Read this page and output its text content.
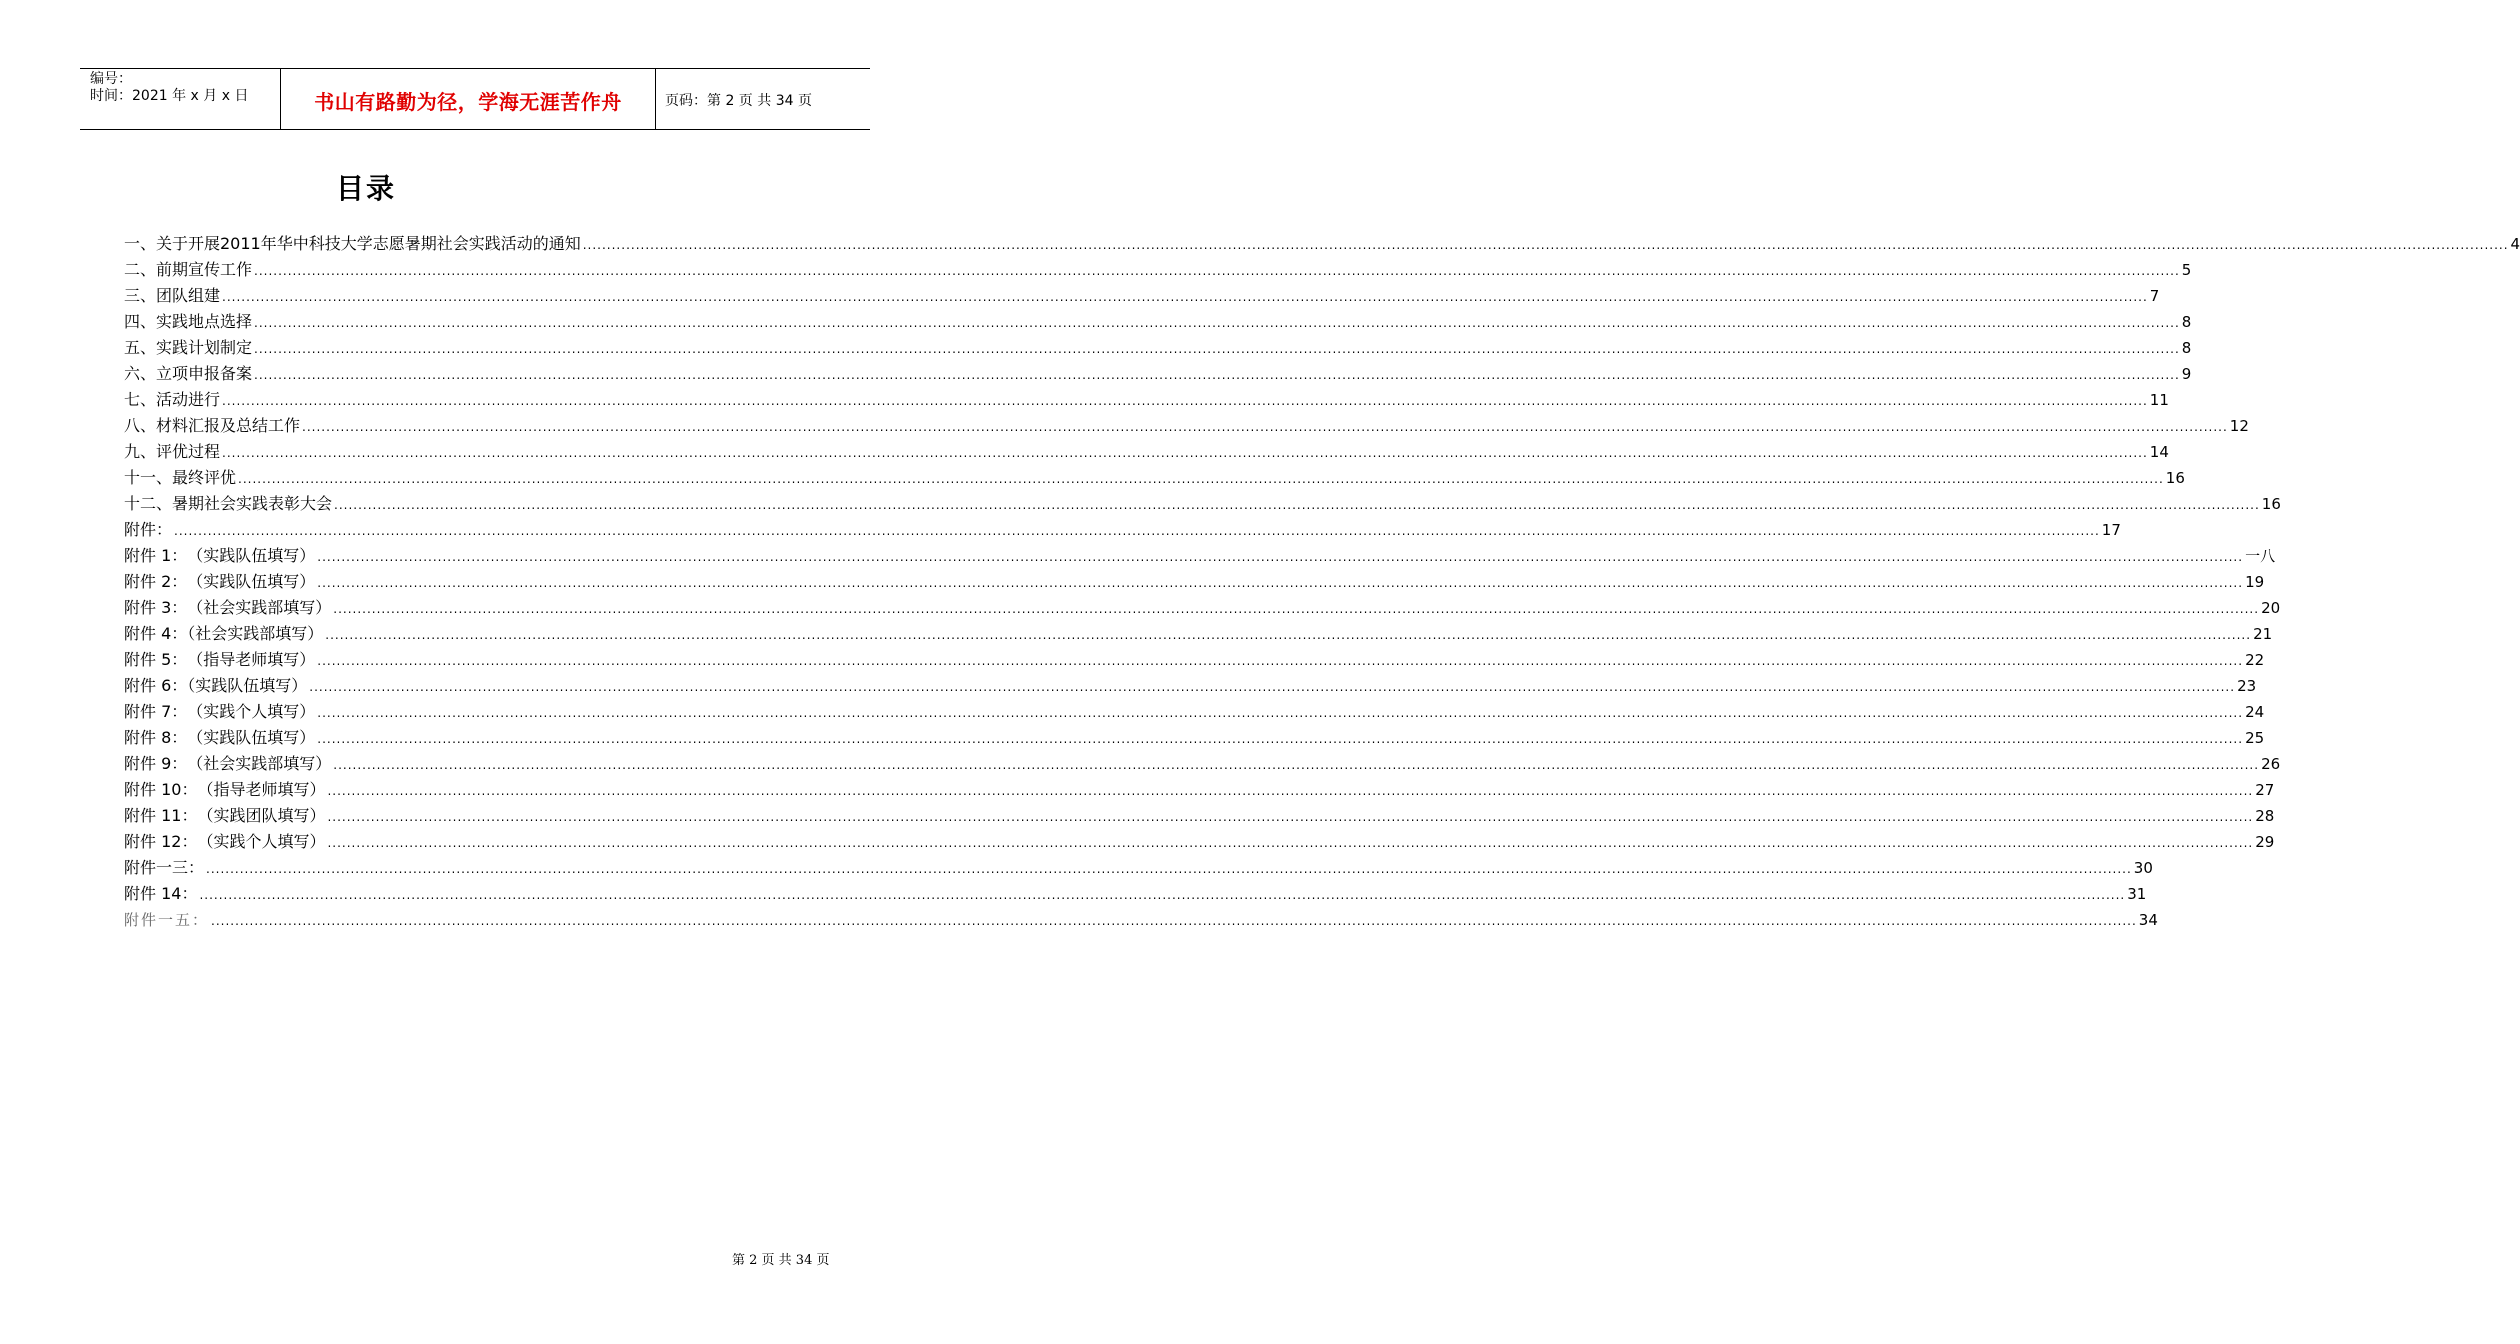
编号：
时间：2021 年 x 月 x 日	书山有路勤为径，学海无涯苦作舟	页码：第 2 页 共 34 页
目录
一、关于开展2011年华中科技大学志愿暑期社会实践活动的通知 ................................................................................................................................................................................................................................................................................................................................................................................................................ 4
二、前期宣传工作 ................................................................................................................................................................................................................................................................................................................................................................................................................ 5
三、团队组建 ................................................................................................................................................................................................................................................................................................................................................................................................................ 7
四、实践地点选择 ................................................................................................................................................................................................................................................................................................................................................................................................................ 8
五、实践计划制定 ................................................................................................................................................................................................................................................................................................................................................................................................................ 8
六、立项申报备案 ................................................................................................................................................................................................................................................................................................................................................................................................................ 9
七、活动进行 ................................................................................................................................................................................................................................................................................................................................................................................................................ 11
八、材料汇报及总结工作 ................................................................................................................................................................................................................................................................................................................................................................................................................ 12
九、评优过程 ................................................................................................................................................................................................................................................................................................................................................................................................................ 14
十一、最终评优 ................................................................................................................................................................................................................................................................................................................................................................................................................ 16
十二、暑期社会实践表彰大会 ................................................................................................................................................................................................................................................................................................................................................................................................................ 16
附件： ................................................................................................................................................................................................................................................................................................................................................................................................................ 17
附件 1：　（实践队伍填写） ................................................................................................................................................................................................................................................................................................................................................................................................................ 一八
附件 2：　（实践队伍填写） ................................................................................................................................................................................................................................................................................................................................................................................................................ 19
附件 3：　（社会实践部填写） ................................................................................................................................................................................................................................................................................................................................................................................................................ 20
附件 4：（社会实践部填写） ................................................................................................................................................................................................................................................................................................................................................................................................................ 21
附件 5：　（指导老师填写） ................................................................................................................................................................................................................................................................................................................................................................................................................ 22
附件 6：（实践队伍填写） ................................................................................................................................................................................................................................................................................................................................................................................................................ 23
附件 7：　（实践个人填写） ................................................................................................................................................................................................................................................................................................................................................................................................................ 24
附件 8：　（实践队伍填写） ................................................................................................................................................................................................................................................................................................................................................................................................................ 25
附件 9：　（社会实践部填写） ................................................................................................................................................................................................................................................................................................................................................................................................................ 26
附件 10：　（指导老师填写） ................................................................................................................................................................................................................................................................................................................................................................................................................ 27
附件 11：　（实践团队填写） ................................................................................................................................................................................................................................................................................................................................................................................................................ 28
附件 12：　（实践个人填写） ................................................................................................................................................................................................................................................................................................................................................................................................................ 29
附件一三： ................................................................................................................................................................................................................................................................................................................................................................................................................ 30
附件 14： ................................................................................................................................................................................................................................................................................................................................................................................................................ 31
附件一五： ................................................................................................................................................................................................................................................................................................................................................................................................................ 34
第 2 页 共 34 页
